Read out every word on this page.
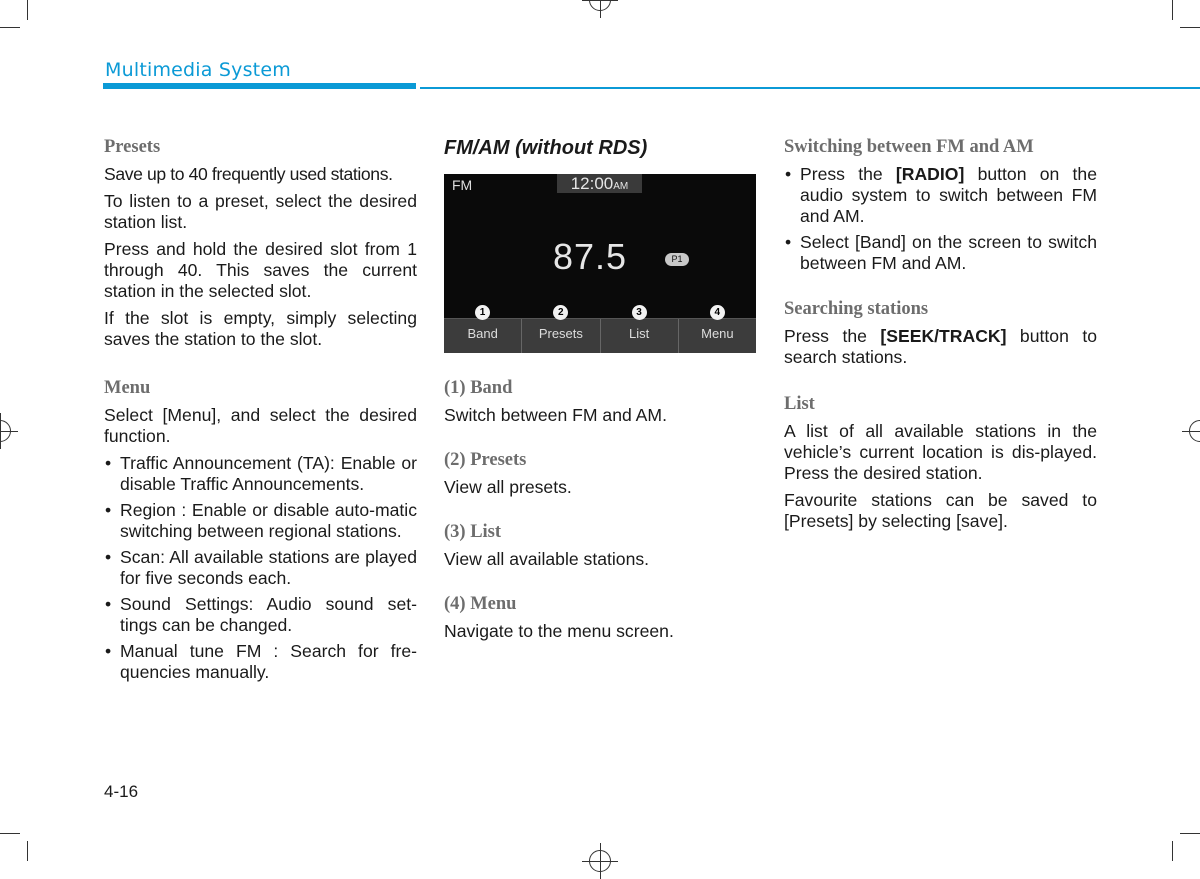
Multimedia System
Presets

Save up to 40 frequently used stations.

To listen to a preset, select the desired station list.

Press and hold the desired slot from 1 through 40. This saves the current station in the selected slot.

If the slot is empty, simply selecting saves the station to the slot.

Menu

Select [Menu], and select the desired function.

• Traffic Announcement (TA): Enable or disable Traffic Announcements.
• Region : Enable or disable auto-matic switching between regional stations.
• Scan: All available stations are played for five seconds each.
• Sound Settings: Audio sound set-tings can be changed.
• Manual tune FM : Search for fre-quencies manually.
FM/AM (without RDS)
FM	12:00AM
87.5	P1
1
Band
2
Presets
3
List
4
Menu
(1) Band

Switch between FM and AM.

(2) Presets

View all presets.

(3) List

View all available stations.

(4) Menu

Navigate to the menu screen.

Switching between FM and AM
• Press the [RADIO] button on the audio system to switch between FM and AM.
• Select [Band] on the screen to switch between FM and AM.
Searching stations

Press the [SEEK/TRACK] button to search stations.

List

A list of all available stations in the vehicle’s current location is dis-played. Press the desired station.

Favourite stations can be saved to [Presets] by selecting [save].

4-16
